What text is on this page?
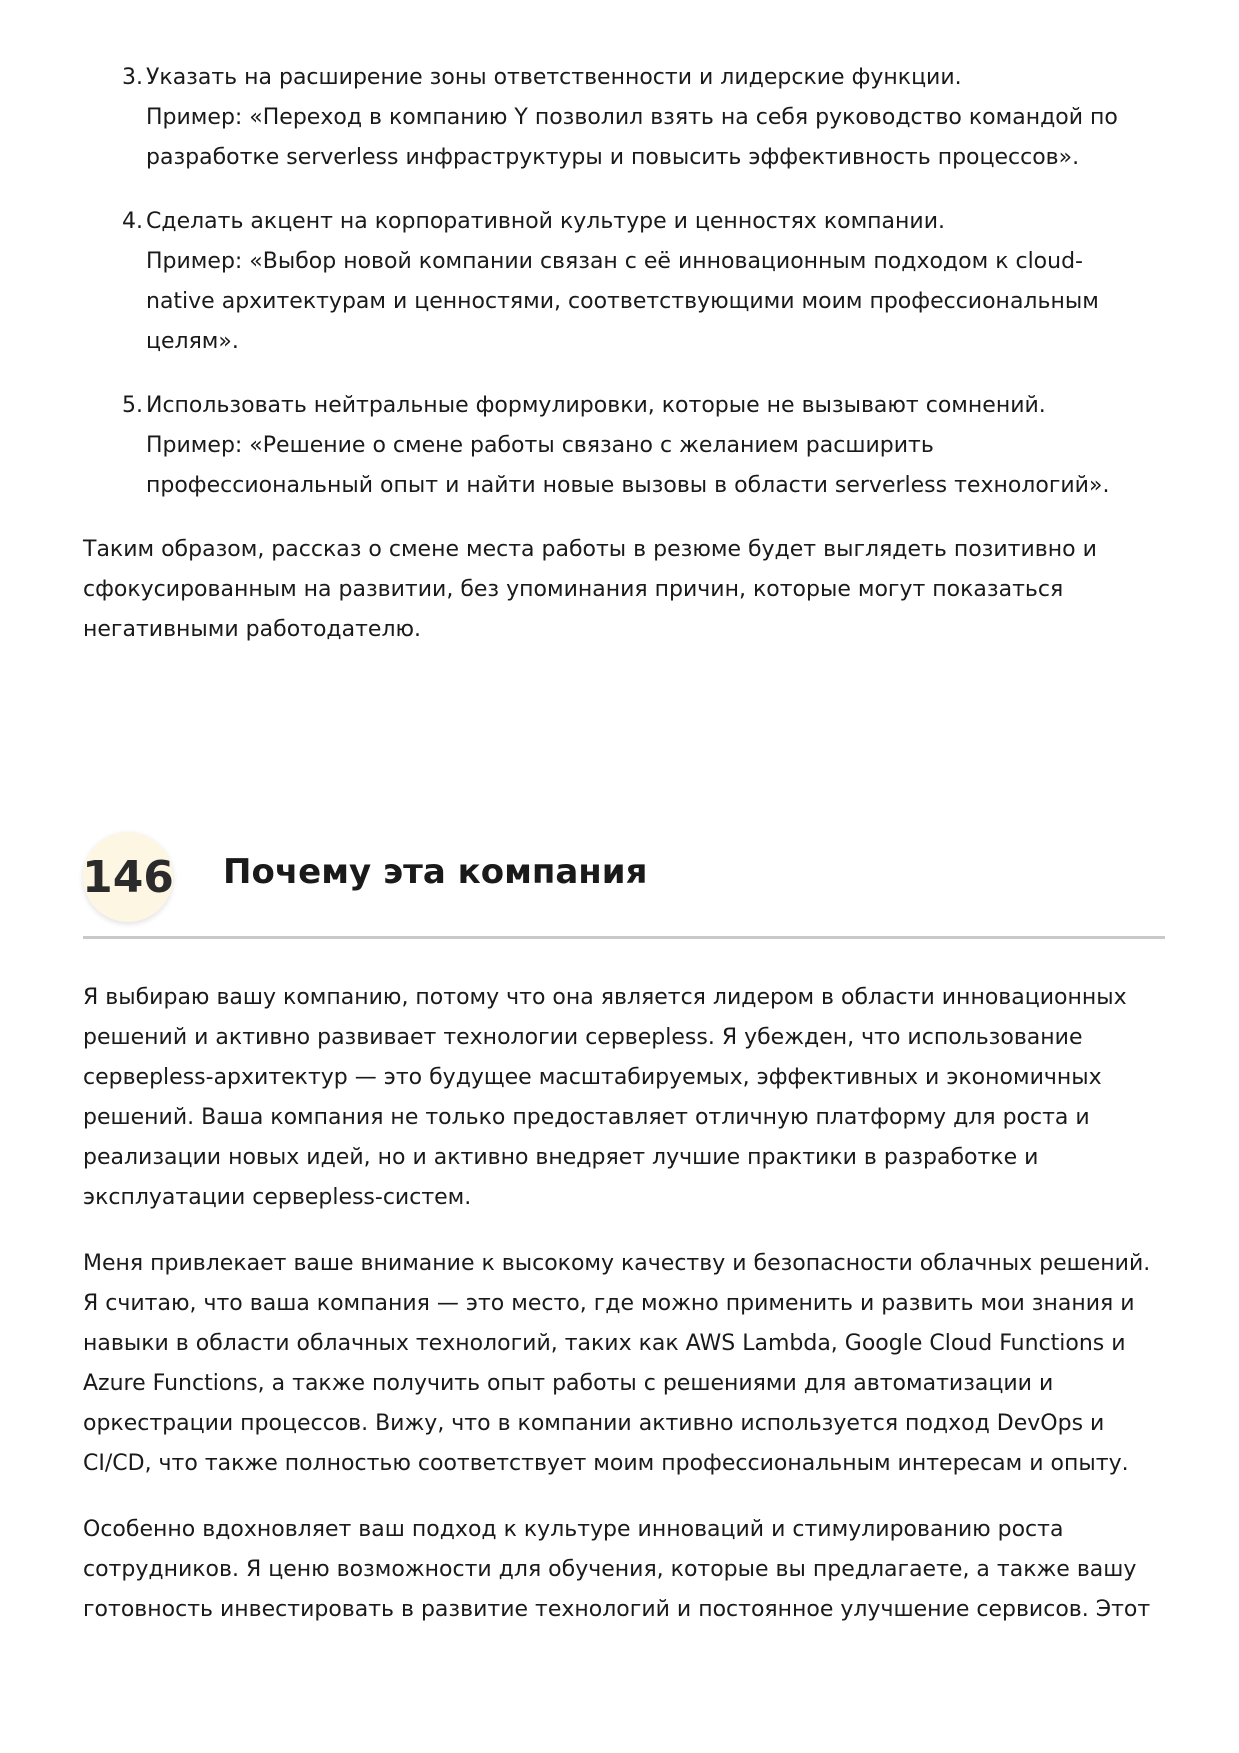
3. Указать на расширение зоны ответственности и лидерские функции.
Пример: «Переход в компанию Y позволил взять на себя руководство командой по
разработке serverless инфраструктуры и повысить эффективность процессов».
4. Сделать акцент на корпоративной культуре и ценностях компании.
Пример: «Выбор новой компании связан с её инновационным подходом к cloud-
native архитектурам и ценностями, соответствующими моим профессиональным
целям».
5. Использовать нейтральные формулировки, которые не вызывают сомнений.
Пример: «Решение о смене работы связано с желанием расширить
профессиональный опыт и найти новые вызовы в области serverless технологий».
Таким образом, рассказ о смене места работы в резюме будет выглядеть позитивно и
сфокусированным на развитии, без упоминания причин, которые могут показаться
негативными работодателю.
146 Почему эта компания
Я выбираю вашу компанию, потому что она является лидером в области инновационных
решений и активно развивает технологии серверless. Я убежден, что использование
серверless-архитектур — это будущее масштабируемых, эффективных и экономичных
решений. Ваша компания не только предоставляет отличную платформу для роста и
реализации новых идей, но и активно внедряет лучшие практики в разработке и
эксплуатации серверless-систем.
Меня привлекает ваше внимание к высокому качеству и безопасности облачных решений.
Я считаю, что ваша компания — это место, где можно применить и развить мои знания и
навыки в области облачных технологий, таких как AWS Lambda, Google Cloud Functions и
Azure Functions, а также получить опыт работы с решениями для автоматизации и
оркестрации процессов. Вижу, что в компании активно используется подход DevOps и
CI/CD, что также полностью соответствует моим профессиональным интересам и опыту.
Особенно вдохновляет ваш подход к культуре инноваций и стимулированию роста
сотрудников. Я ценю возможности для обучения, которые вы предлагаете, а также вашу
готовность инвестировать в развитие технологий и постоянное улучшение сервисов. Этот
